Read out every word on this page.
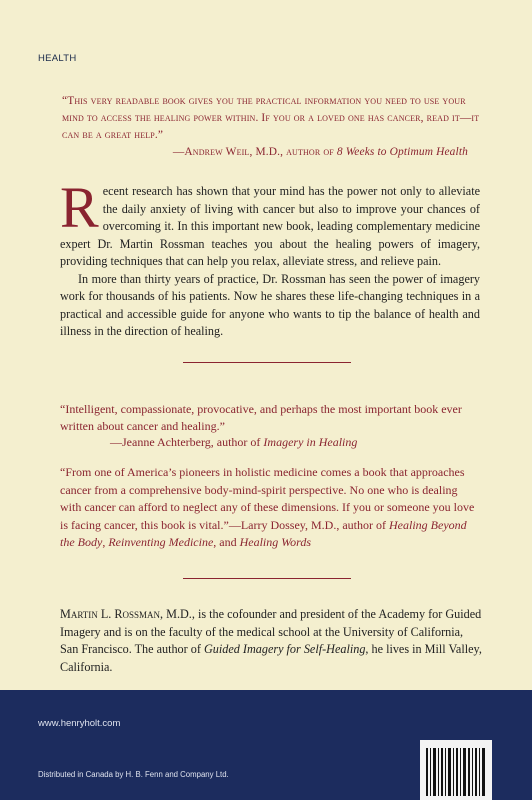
HEALTH
“This very readable book gives you the practical information you need to use your mind to access the healing power within. If you or a loved one has cancer, read it—it can be a great help.”
—Andrew Weil, M.D., author of 8 Weeks to Optimum Health

Recent research has shown that your mind has the power not only to alleviate the daily anxiety of living with cancer but also to improve your chances of overcoming it. In this important new book, leading complementary medicine expert Dr. Martin Rossman teaches you about the healing powers of imagery, providing techniques that can help you relax, alleviate stress, and relieve pain.

In more than thirty years of practice, Dr. Rossman has seen the power of imagery work for thousands of his patients. Now he shares these life-changing techniques in a practical and accessible guide for anyone who wants to tip the balance of health and illness in the direction of healing.

“Intelligent, compassionate, provocative, and perhaps the most important book ever written about cancer and healing.”
—Jeanne Achterberg, author of Imagery in Healing
“From one of America’s pioneers in holistic medicine comes a book that approaches cancer from a comprehensive body-mind-spirit perspective. No one who is dealing with cancer can afford to neglect any of these dimensions. If you or someone you love is facing cancer, this book is vital.”—Larry Dossey, M.D., author of Healing Beyond the Body, Reinventing Medicine, and Healing Words
Martin L. Rossman, M.D., is the cofounder and president of the Academy for Guided Imagery and is on the faculty of the medical school at the University of California, San Francisco. The author of Guided Imagery for Self-Healing, he lives in Mill Valley, California.
www.henryholt.com
Distributed in Canada by H. B. Fenn and Company Ltd.
